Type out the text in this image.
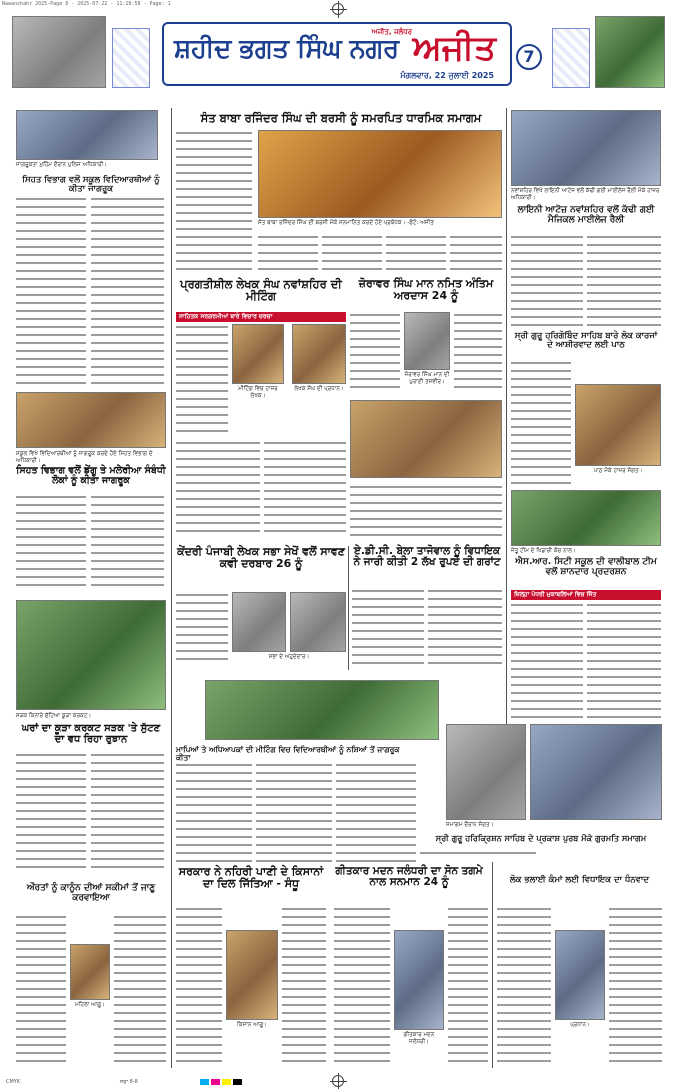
Nawanshahr 2025-Page 8 - 2025-07-22 - 11:19:58 - Page: 1
ਸ਼ਹੀਦ ਭਗਤ ਸਿੰਘ ਨਗਰ
ਅਜੀਤ, ਜਲੰਧਰ ਅਜੀਤ
ਮੰਗਲਵਾਰ, 22 ਜੁਲਾਈ 2025
7
ਜਾਗਰੂਕਤਾ ਮੁਹਿੰਮ ਦੌਰਾਨ ਪੁਲਿਸ ਅਧਿਕਾਰੀ।
ਸਿਹਤ ਵਿਭਾਗ ਵਲੋਂ ਸਕੂਲ ਵਿਦਿਆਰਥੀਆਂ ਨੂੰ ਕੀਤਾ ਜਾਗਰੂਕ
ਸਕੂਲ ਵਿਖੇ ਵਿਦਿਆਰਥੀਆਂ ਨੂੰ ਜਾਗਰੂਕ ਕਰਦੇ ਹੋਏ ਸਿਹਤ ਵਿਭਾਗ ਦੇ ਅਧਿਕਾਰੀ।
ਸਿਹਤ ਵਿਭਾਗ ਵਲੋਂ ਡੇਂਗੂ ਤੇ ਮਲੇਰੀਆ ਸੰਬੰਧੀ ਲੋਕਾਂ ਨੂੰ ਕੀਤਾ ਜਾਗਰੂਕ
ਸੜਕ ਕਿਨਾਰੇ ਸੁੱਟਿਆ ਕੂੜਾ ਕਰਕਟ।
ਘਰਾਂ ਦਾ ਕੂੜਾ ਕਰਕਟ ਸੜਕ 'ਤੇ ਸੁੱਟਣ ਦਾ ਵਧ ਰਿਹਾ ਰੁਝਾਨ
ਔਰਤਾਂ ਨੂੰ ਕਾਨੂੰਨ ਦੀਆਂ ਸਕੀਮਾਂ ਤੋਂ ਜਾਣੂ ਕਰਵਾਇਆ
ਮਹਿਲਾ ਆਗੂ।
ਸੰਤ ਬਾਬਾ ਰਜਿੰਦਰ ਸਿੰਘ ਦੀ ਬਰਸੀ ਨੂੰ ਸਮਰਪਿਤ ਧਾਰਮਿਕ ਸਮਾਗਮ
ਸੰਤ ਬਾਬਾ ਰਜਿੰਦਰ ਸਿੰਘ ਦੀ ਬਰਸੀ ਮੌਕੇ ਸਨਮਾਨਿਤ ਕਰਦੇ ਹੋਏ ਪ੍ਰਬੰਧਕ। -ਫੋਟੋ: ਅਜੀਤ
ਪ੍ਰਗਤੀਸ਼ੀਲ ਲੇਖਕ ਸੰਘ ਨਵਾਂਸ਼ਹਿਰ ਦੀ ਮੀਟਿੰਗ
ਸਾਹਿਤਕ ਸਰਗਰਮੀਆਂ ਬਾਰੇ ਵਿਚਾਰ ਚਰਚਾ
ਮੀਟਿੰਗ ਵਿਚ ਹਾਜ਼ਰ ਲੇਖਕ।
ਲੇਖਕ ਸੰਘ ਦੀ ਪ੍ਰਧਾਨ।
ਜ਼ੋਰਾਵਰ ਸਿੰਘ ਮਾਨ ਨਮਿਤ ਅੰਤਿਮ ਅਰਦਾਸ 24 ਨੂੰ
ਜ਼ੋਰਾਵਰ ਸਿੰਘ ਮਾਨ ਦੀ ਪੁਰਾਣੀ ਤਸਵੀਰ।
ਕੇਂਦਰੀ ਪੰਜਾਬੀ ਲੇਖਕ ਸਭਾ ਸੇਖੋਂ ਵਲੋਂ ਸਾਵਣ ਕਵੀ ਦਰਬਾਰ 26 ਨੂੰ
ਸਭਾ ਦੇ ਅਹੁਦੇਦਾਰ।
ਏ.ਡੀ.ਸੀ. ਬੇਲਾ ਤਾਜੋਵਾਲ ਨੂੰ ਵਿਧਾਇਕ ਨੇ ਜਾਰੀ ਕੀਤੀ 2 ਲੱਖ ਰੁਪਏ ਦੀ ਗਰਾਂਟ
ਮਾਪਿਆਂ ਤੇ ਅਧਿਆਪਕਾਂ ਦੀ ਮੀਟਿੰਗ ਵਿਚ ਵਿਦਿਆਰਥੀਆਂ ਨੂੰ ਨਸ਼ਿਆਂ ਤੋਂ ਜਾਗਰੂਕ ਕੀਤਾ
ਸਰਕਾਰ ਨੇ ਨਹਿਰੀ ਪਾਣੀ ਦੇ ਕਿਸਾਨਾਂ ਦਾ ਦਿਲ ਜਿੱਤਿਆ - ਸੰਧੂ
ਕਿਸਾਨ ਆਗੂ।
ਗੀਤਕਾਰ ਮਦਨ ਜਲੰਧਰੀ ਦਾ ਸੋਨ ਤਗਮੇ ਨਾਲ ਸਨਮਾਨ 24 ਨੂੰ
ਗੀਤਕਾਰ ਮਦਨ ਜਲੰਧਰੀ।
ਨਵਾਂਸ਼ਹਿਰ ਵਿਖੇ ਲਾਇਨੀ ਆਟੋਜ਼ ਵਲੋਂ ਕੱਢੀ ਗਈ ਮਾਈਲੇਜ ਰੈਲੀ ਮੌਕੇ ਹਾਜ਼ਰ ਅਧਿਕਾਰੀ।
ਲਾਇਨੀ ਆਟੋਜ਼ ਨਵਾਂਸ਼ਹਿਰ ਵਲੋਂ ਕੱਢੀ ਗਈ ਮੈਜਿਕਲ ਮਾਈਲੇਜ ਰੈਲੀ
ਸ੍ਰੀ ਗੁਰੂ ਹਰਿਗੋਬਿੰਦ ਸਾਹਿਬ ਬਾਰੇ ਲੋਕ ਕਾਰਜਾਂ ਦੇ ਆਸ਼ੀਰਵਾਦ ਲਈ ਪਾਠ
ਪਾਠ ਮੌਕੇ ਹਾਜ਼ਰ ਸੰਗਤ।
ਜੇਤੂ ਟੀਮ ਦੇ ਖਿਡਾਰੀ ਕੋਚ ਨਾਲ।
ਐਸ.ਆਰ. ਸਿਟੀ ਸਕੂਲ ਦੀ ਵਾਲੀਬਾਲ ਟੀਮ ਵਲੋਂ ਸ਼ਾਨਦਾਰ ਪ੍ਰਦਰਸ਼ਨ
ਜ਼ਿਲ੍ਹਾ ਪੱਧਰੀ ਮੁਕਾਬਲਿਆਂ ਵਿਚ ਜਿੱਤ
ਸਮਾਗਮ ਦੌਰਾਨ ਸੰਗਤ।
ਸ੍ਰੀ ਗੁਰੂ ਹਰਿਕ੍ਰਿਸ਼ਨ ਸਾਹਿਬ ਦੇ ਪ੍ਰਕਾਸ਼ ਪੁਰਬ ਮੌਕੇ ਗੁਰਮਤਿ ਸਮਾਗਮ
ਲੋਕ ਭਲਾਈ ਕੰਮਾਂ ਲਈ ਵਿਧਾਇਕ ਦਾ ਧੰਨਵਾਦ
ਪ੍ਰਧਾਨ।
CMYK	ਸਫ਼ਾ 8-8
